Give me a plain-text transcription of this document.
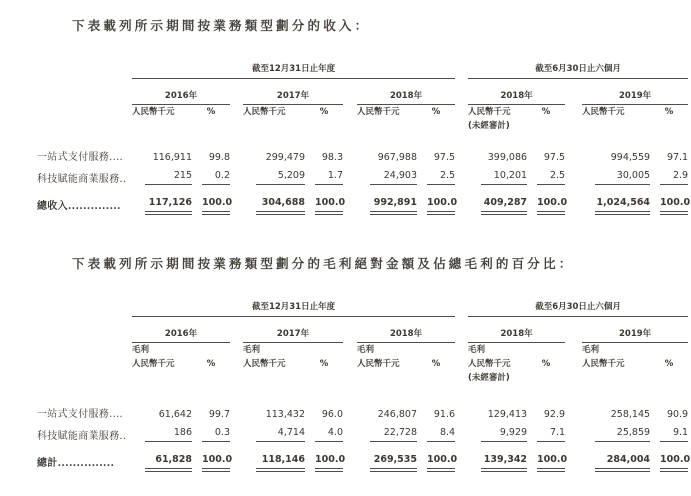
下表載列所示期間按業務類型劃分的收入：

	截至12月31日止年度									截至6月30日止六個月				

	2016年			2017年			2018年			2018年			2019年	

	人民幣千元	%		人民幣千元	%		人民幣千元	%		人民幣千元	%		人民幣千元	%
										(未經審計)				

一站式支付服務....	116,911	99.8		299,479	98.3		967,988	97.5		399,086	97.5		994,559	97.1

科技賦能商業服務..	215	0.2		5,209	1.7		24,903	2.5		10,201	2.5		30,005	2.9

總收入..............	117,126	100.0		304,688	100.0		992,891	100.0		409,287	100.0		1,024,564	100.0

下表載列所示期間按業務類型劃分的毛利絕對金額及佔總毛利的百分比：

	截至12月31日止年度									截至6月30日止六個月				

	2016年			2017年			2018年			2018年			2019年	

	毛利			毛利			毛利			毛利			毛利	
	人民幣千元	%		人民幣千元	%		人民幣千元	%		人民幣千元	%		人民幣千元	%
										(未經審計)				

一站式支付服務....	61,642	99.7		113,432	96.0		246,807	91.6		129,413	92.9		258,145	90.9

科技賦能商業服務..	186	0.3		4,714	4.0		22,728	8.4		9,929	7.1		25,859	9.1

總計...............	61,828	100.0		118,146	100.0		269,535	100.0		139,342	100.0		284,004	100.0
